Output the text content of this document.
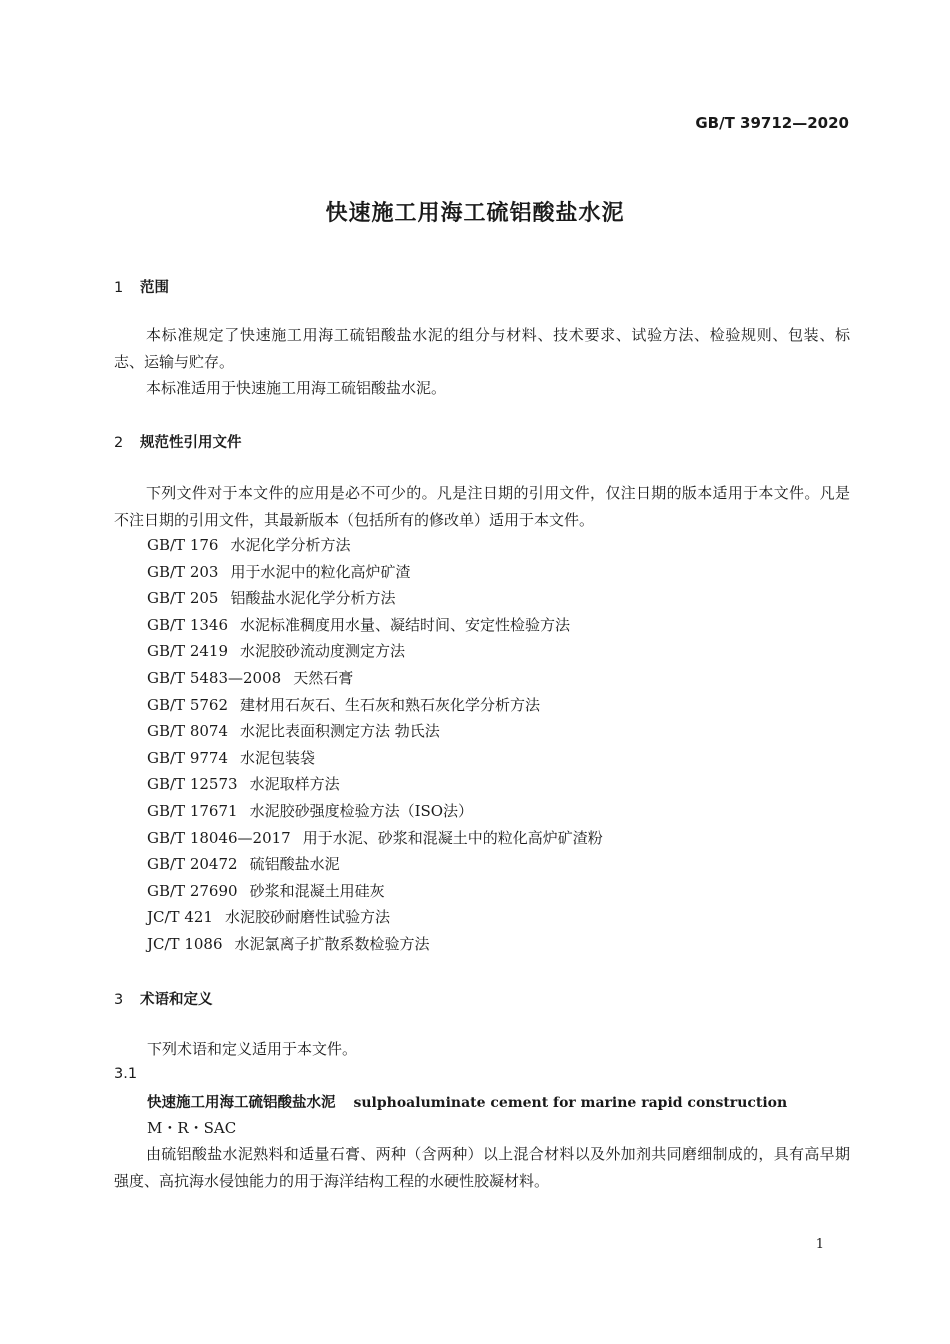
GB/T 39712—2020
快速施工用海工硫铝酸盐水泥
1 范围
本标准规定了快速施工用海工硫铝酸盐水泥的组分与材料、技术要求、试验方法、检验规则、包装、标志、运输与贮存。
本标准适用于快速施工用海工硫铝酸盐水泥。
2 规范性引用文件
下列文件对于本文件的应用是必不可少的。凡是注日期的引用文件，仅注日期的版本适用于本文件。凡是不注日期的引用文件，其最新版本（包括所有的修改单）适用于本文件。
GB/T 176 水泥化学分析方法
GB/T 203 用于水泥中的粒化高炉矿渣
GB/T 205 铝酸盐水泥化学分析方法
GB/T 1346 水泥标准稠度用水量、凝结时间、安定性检验方法
GB/T 2419 水泥胶砂流动度测定方法
GB/T 5483—2008 天然石膏
GB/T 5762 建材用石灰石、生石灰和熟石灰化学分析方法
GB/T 8074 水泥比表面积测定方法 勃氏法
GB/T 9774 水泥包装袋
GB/T 12573 水泥取样方法
GB/T 17671 水泥胶砂强度检验方法（ISO法）
GB/T 18046—2017 用于水泥、砂浆和混凝土中的粒化高炉矿渣粉
GB/T 20472 硫铝酸盐水泥
GB/T 27690 砂浆和混凝土用硅灰
JC/T 421 水泥胶砂耐磨性试验方法
JC/T 1086 水泥氯离子扩散系数检验方法
3 术语和定义
下列术语和定义适用于本文件。
3.1
快速施工用海工硫铝酸盐水泥 sulphoaluminate cement for marine rapid construction
M・R・SAC
由硫铝酸盐水泥熟料和适量石膏、两种（含两种）以上混合材料以及外加剂共同磨细制成的，具有高早期强度、高抗海水侵蚀能力的用于海洋结构工程的水硬性胶凝材料。
1
